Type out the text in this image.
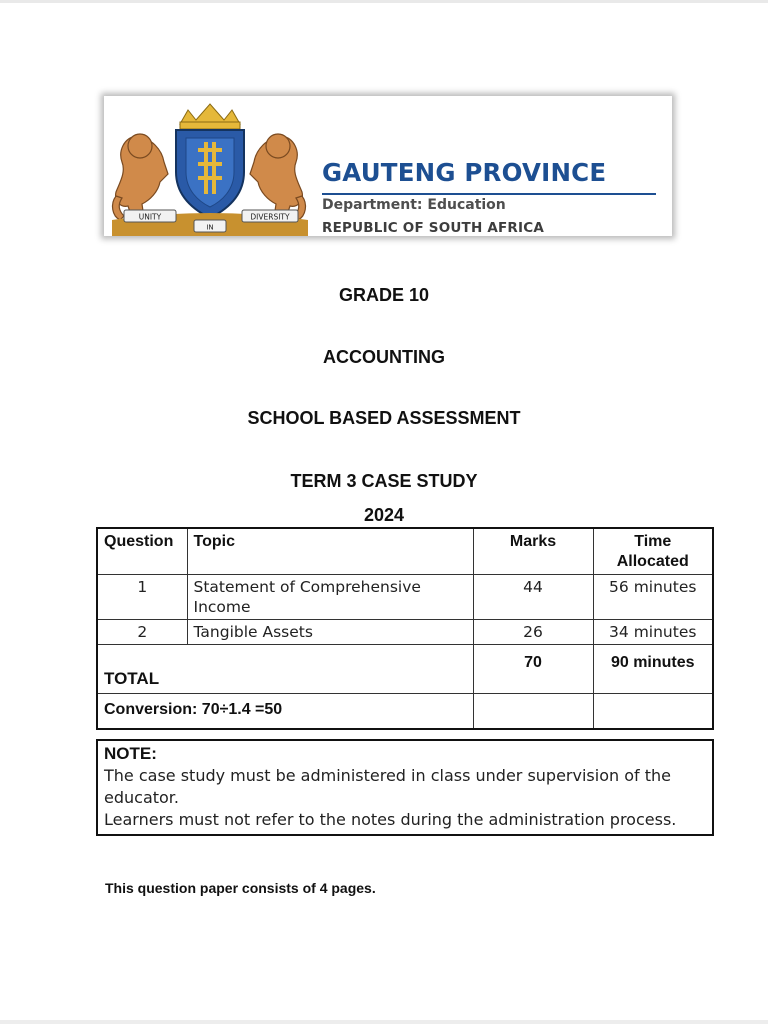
UNITY
IN
DIVERSITY
GAUTENG PROVINCE
Department: Education
REPUBLIC OF SOUTH AFRICA
GRADE 10
ACCOUNTING
SCHOOL BASED ASSESSMENT
TERM 3 CASE STUDY
2024
Question	Topic	Marks	Time Allocated
1	Statement of Comprehensive Income	44	56 minutes
2	Tangible Assets	26	34 minutes
TOTAL		70	90 minutes
Conversion: 70÷1.4 =50			
NOTE:
The case study must be administered in class under supervision of the educator.
Learners must not refer to the notes during the administration process.
This question paper consists of 4 pages.
